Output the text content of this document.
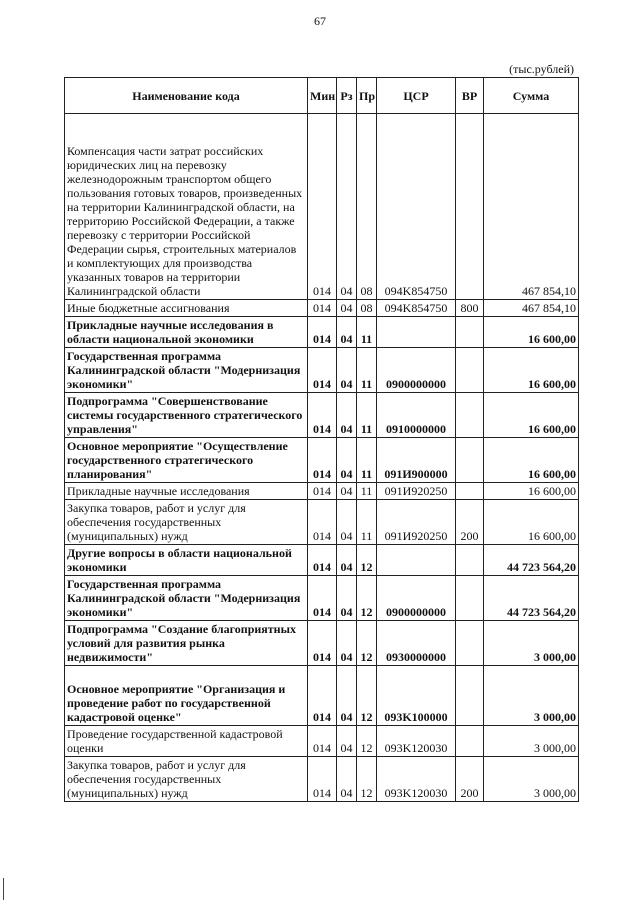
67
(тыс.рублей)
Наименование кода	Мин	Рз	Пр	ЦСР	ВР	Сумма
Компенсация части затрат российских юридических лиц на перевозку железнодорожным транспортом общего пользования готовых товаров, произведенных на территории Калининградской области, на территорию Российской Федерации, а также перевозку с территории Российской Федерации сырья, строительных материалов и комплектующих для производства указанных товаров на территории Калининградской области	014	04	08	094K854750		467 854,10
Иные бюджетные ассигнования	014	04	08	094K854750	800	467 854,10
Прикладные научные исследования в области национальной экономики	014	04	11			16 600,00
Государственная программа Калининградской области "Модернизация экономики"	014	04	11	0900000000		16 600,00
Подпрограмма "Совершенствование системы государственного стратегического управления"	014	04	11	0910000000		16 600,00
Основное мероприятие "Осуществление государственного стратегического планирования"	014	04	11	091И900000		16 600,00
Прикладные научные исследования	014	04	11	091И920250		16 600,00
Закупка товаров, работ и услуг для обеспечения государственных (муниципальных) нужд	014	04	11	091И920250	200	16 600,00
Другие вопросы в области национальной экономики	014	04	12			44 723 564,20
Государственная программа Калининградской области "Модернизация экономики"	014	04	12	0900000000		44 723 564,20
Подпрограмма "Создание благоприятных условий для развития рынка недвижимости"	014	04	12	0930000000		3 000,00
Основное мероприятие "Организация и проведение работ по государственной кадастровой оценке"	014	04	12	093K100000		3 000,00
Проведение государственной кадастровой оценки	014	04	12	093K120030		3 000,00
Закупка товаров, работ и услуг для обеспечения государственных (муниципальных) нужд	014	04	12	093K120030	200	3 000,00
